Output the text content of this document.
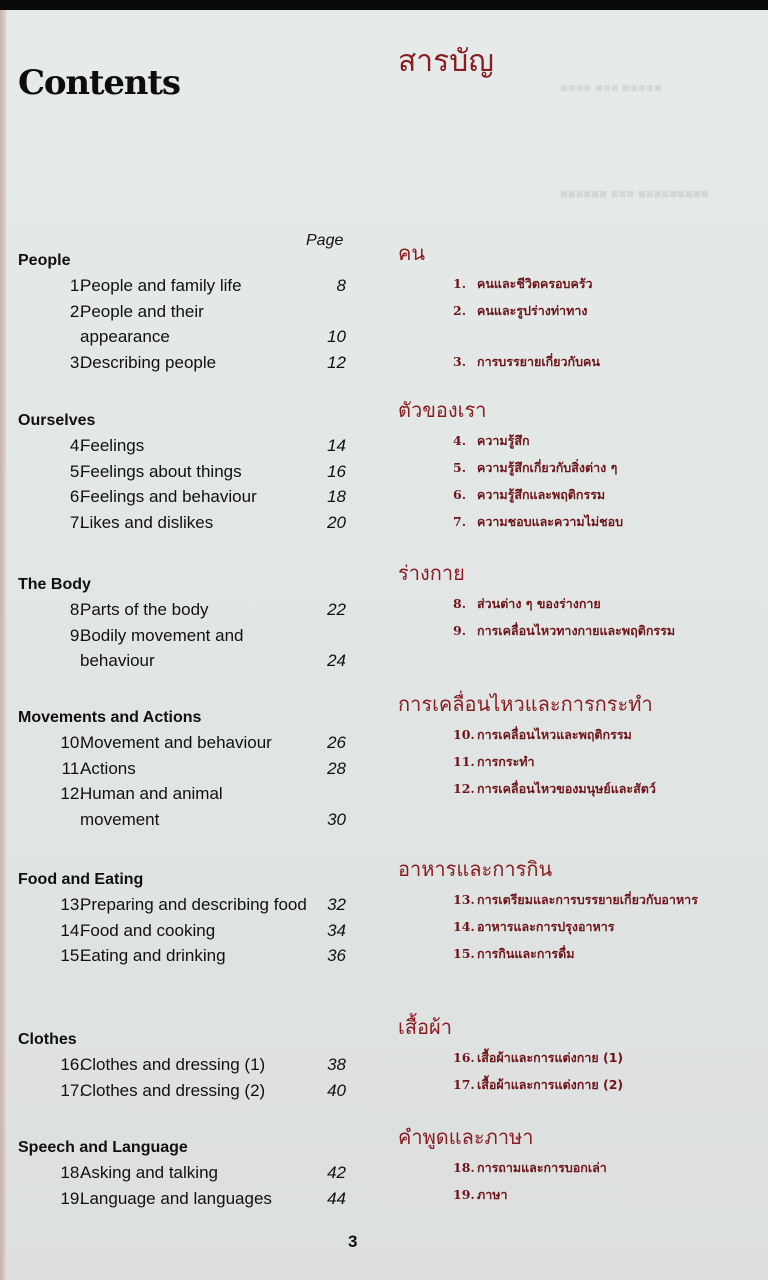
■■■■ ■■■ ■■■■■
■■■■■■ ■■■ ■■■■■■■■■
Contents
สารบัญ
Page
People
1.
People and family life	8
2.
People and their appearance	10
3.
Describing people	12
Ourselves
4.
Feelings	14
5.
Feelings about things	16
6.
Feelings and behaviour	18
7.
Likes and dislikes	20
The Body
8.
Parts of the body	22
9.
Bodily movement and behaviour	24
Movements and Actions
10.
Movement and behaviour	26
11.
Actions	28
12.
Human and animal movement	30
Food and Eating
13.
Preparing and describing food 32
14.
Food and cooking	34
15.
Eating and drinking	36
Clothes
16.
Clothes and dressing (1)	38
17.
Clothes and dressing (2)	40
Speech and Language
18.
Asking and talking	42
19.
Language and languages	44
คน
1. คนและชีวิตครอบครัว
2. คนและรูปร่างท่าทาง
3. การบรรยายเกี่ยวกับคน
ตัวของเรา
4. ความรู้สึก
5. ความรู้สึกเกี่ยวกับสิ่งต่าง ๆ
6. ความรู้สึกและพฤติกรรม
7. ความชอบและความไม่ชอบ
ร่างกาย
8. ส่วนต่าง ๆ ของร่างกาย
9. การเคลื่อนไหวทางกายและพฤติกรรม
การเคลื่อนไหวและการกระทำ
10. การเคลื่อนไหวและพฤติกรรม
11. การกระทำ
12. การเคลื่อนไหวของมนุษย์และสัตว์
อาหารและการกิน
13. การเตรียมและการบรรยายเกี่ยวกับอาหาร
14. อาหารและการปรุงอาหาร
15. การกินและการดื่ม
เสื้อผ้า
16. เสื้อผ้าและการแต่งกาย (1)
17. เสื้อผ้าและการแต่งกาย (2)
คำพูดและภาษา
18. การถามและการบอกเล่า
19. ภาษา
3
